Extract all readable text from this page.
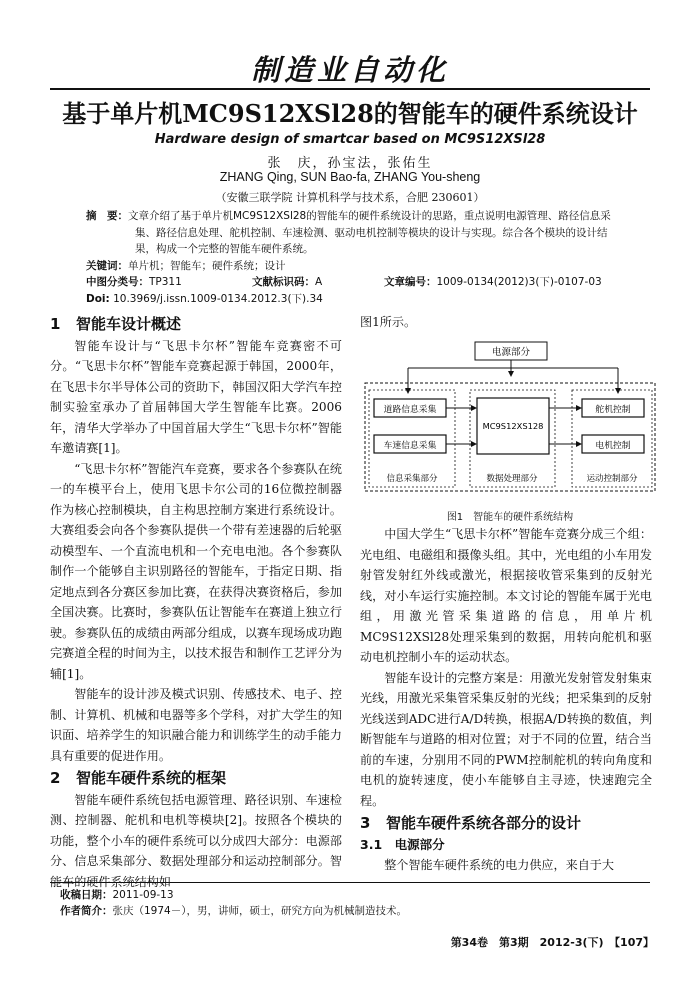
制造业自动化
基于单片机MC9S12XSl28的智能车的硬件系统设计
Hardware design of smartcar based on MC9S12XSl28
张　庆，孙宝法，张佑生
ZHANG Qing, SUN Bao-fa, ZHANG You-sheng
（安徽三联学院 计算机科学与技术系，合肥 230601）
摘　要：文章介绍了基于单片机MC9S12XSl28的智能车的硬件系统设计的思路，重点说明电源管理、路径信息采集、路径信息处理、舵机控制、车速检测、驱动电机控制等模块的设计与实现。综合各个模块的设计结果，构成一个完整的智能车硬件系统。
关键词：单片机；智能车；硬件系统；设计
中图分类号：TP311	文献标识码：A	文章编号：1009-0134(2012)3(下)-0107-03
Doi: 10.3969/j.issn.1009-0134.2012.3(下).34
1 智能车设计概述

智能车设计与“飞思卡尔杯”智能车竞赛密不可分。“飞思卡尔杯”智能车竞赛起源于韩国，2000年，在飞思卡尔半导体公司的资助下，韩国汉阳大学汽车控制实验室承办了首届韩国大学生智能车比赛。2006年，清华大学举办了中国首届大学生“飞思卡尔杯”智能车邀请赛[1]。

“飞思卡尔杯”智能汽车竞赛，要求各个参赛队在统一的车模平台上，使用飞思卡尔公司的16位微控制器作为核心控制模块，自主构思控制方案进行系统设计。大赛组委会向各个参赛队提供一个带有差速器的后轮驱动模型车、一个直流电机和一个充电电池。各个参赛队制作一个能够自主识别路径的智能车，于指定日期、指定地点到各分赛区参加比赛，在获得决赛资格后，参加全国决赛。比赛时，参赛队伍让智能车在赛道上独立行驶。参赛队伍的成绩由两部分组成，以赛车现场成功跑完赛道全程的时间为主，以技术报告和制作工艺评分为辅[1]。

智能车的设计涉及模式识别、传感技术、电子、控制、计算机、机械和电器等多个学科，对扩大学生的知识面、培养学生的知识融合能力和训练学生的动手能力具有重要的促进作用。

2 智能车硬件系统的框架

智能车硬件系统包括电源管理、路径识别、车速检测、控制器、舵机和电机等模块[2]。按照各个模块的功能，整个小车的硬件系统可以分成四大部分：电源部分、信息采集部分、数据处理部分和运动控制部分。智能车的硬件系统结构如

图1所示。

电源部分
道路信息采集
车速信息采集
MC9S12XS128
舵机控制
电机控制
信息采集部分	数据处理部分	运动控制部分
图1　智能车的硬件系统结构

中国大学生“飞思卡尔杯”智能车竞赛分成三个组：光电组、电磁组和摄像头组。其中，光电组的小车用发射管发射红外线或激光，根据接收管采集到的反射光线，对小车运行实施控制。本文讨论的智能车属于光电组，用激光管采集道路的信息，用单片机MC9S12XSl28处理采集到的数据，用转向舵机和驱动电机控制小车的运动状态。

智能车设计的完整方案是：用激光发射管发射集束光线，用激光采集管采集反射的光线；把采集到的反射光线送到ADC进行A/D转换，根据A/D转换的数值，判断智能车与道路的相对位置；对于不同的位置，结合当前的车速，分别用不同的PWM控制舵机的转向角度和电机的旋转速度，使小车能够自主寻迹，快速跑完全程。

3 智能车硬件系统各部分的设计
3.1　电源部分

整个智能车硬件系统的电力供应，来自于大

收稿日期：2011-09-13
作者简介：张庆（1974－），男，讲师，硕士，研究方向为机械制造技术。
第34卷　第3期　2012-3(下)　【107】
